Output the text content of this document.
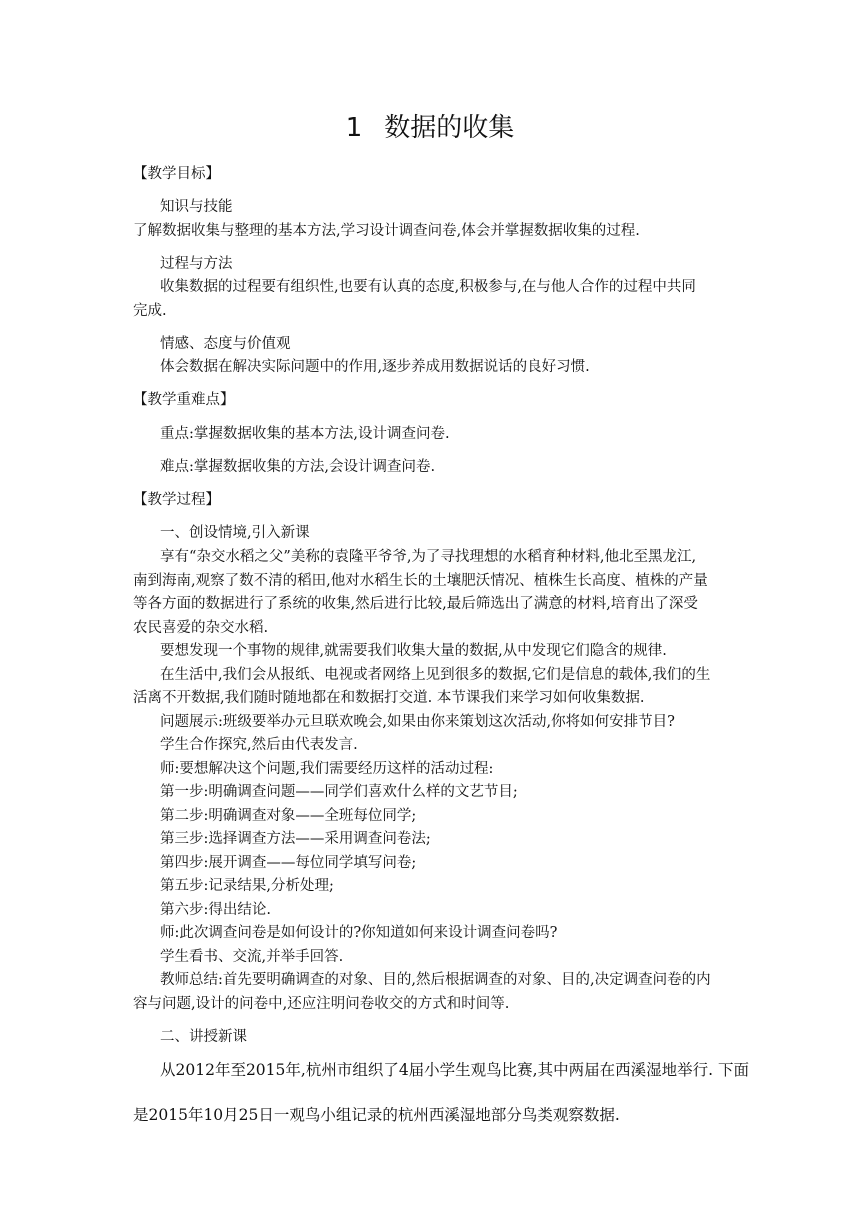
1 数据的收集
【教学目标】
知识与技能
了解数据收集与整理的基本方法,学习设计调查问卷,体会并掌握数据收集的过程.
过程与方法
收集数据的过程要有组织性,也要有认真的态度,积极参与,在与他人合作的过程中共同
完成.
情感、态度与价值观
体会数据在解决实际问题中的作用,逐步养成用数据说话的良好习惯.
【教学重难点】
重点:掌握数据收集的基本方法,设计调查问卷.
难点:掌握数据收集的方法,会设计调查问卷.
【教学过程】
一、创设情境,引入新课
享有“杂交水稻之父”美称的袁隆平爷爷,为了寻找理想的水稻育种材料,他北至黑龙江,
南到海南,观察了数不清的稻田,他对水稻生长的土壤肥沃情况、植株生长高度、植株的产量
等各方面的数据进行了系统的收集,然后进行比较,最后筛选出了满意的材料,培育出了深受
农民喜爱的杂交水稻.
要想发现一个事物的规律,就需要我们收集大量的数据,从中发现它们隐含的规律.
在生活中,我们会从报纸、电视或者网络上见到很多的数据,它们是信息的载体,我们的生
活离不开数据,我们随时随地都在和数据打交道. 本节课我们来学习如何收集数据.
问题展示:班级要举办元旦联欢晚会,如果由你来策划这次活动,你将如何安排节目?
学生合作探究,然后由代表发言.
师:要想解决这个问题,我们需要经历这样的活动过程:
第一步:明确调查问题——同学们喜欢什么样的文艺节目;
第二步:明确调查对象——全班每位同学;
第三步:选择调查方法——采用调查问卷法;
第四步:展开调查——每位同学填写问卷;
第五步:记录结果,分析处理;
第六步:得出结论.
师:此次调查问卷是如何设计的?你知道如何来设计调查问卷吗?
学生看书、交流,并举手回答.
教师总结:首先要明确调查的对象、目的,然后根据调查的对象、目的,决定调查问卷的内
容与问题,设计的问卷中,还应注明问卷收交的方式和时间等.
二、讲授新课
从2012年至2015年,杭州市组织了4届小学生观鸟比赛,其中两届在西溪湿地举行. 下面
是2015年10月25日一观鸟小组记录的杭州西溪湿地部分鸟类观察数据.
